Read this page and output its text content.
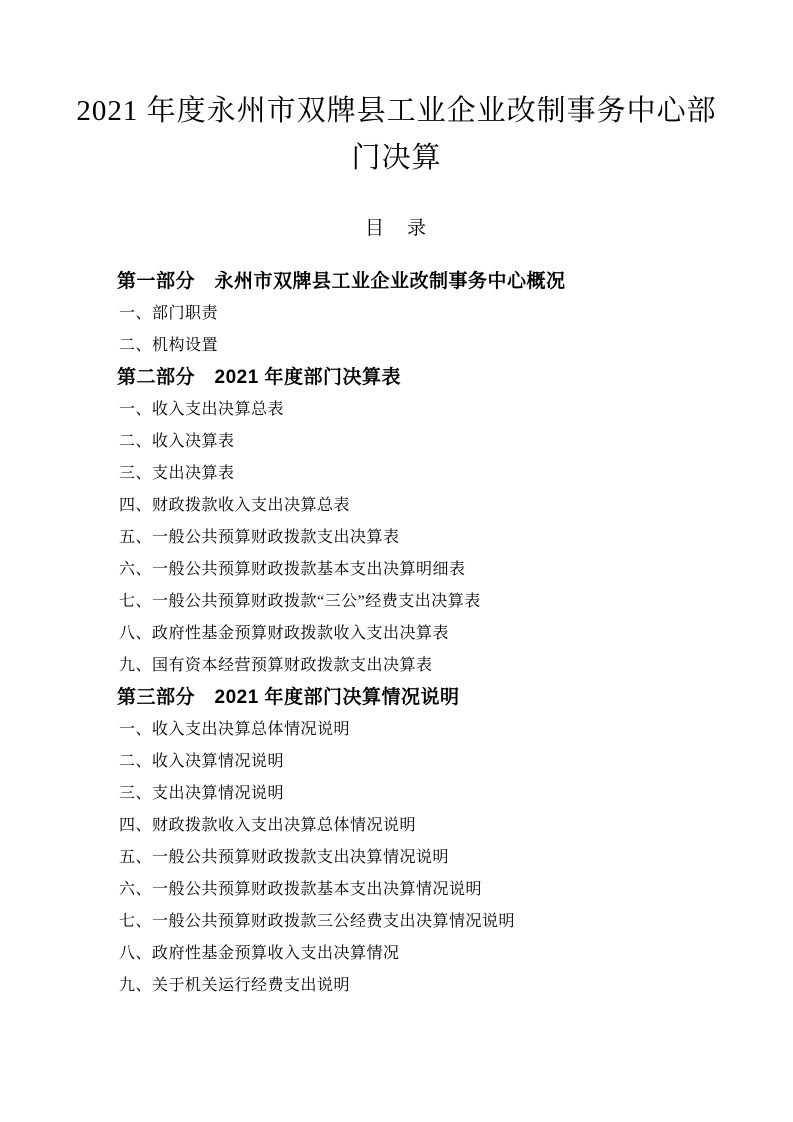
2021 年度永州市双牌县工业企业改制事务中心部
门决算
目　录
第一部分　永州市双牌县工业企业改制事务中心概况
一、部门职责
二、机构设置
第二部分　2021 年度部门决算表
一、收入支出决算总表
二、收入决算表
三、支出决算表
四、财政拨款收入支出决算总表
五、一般公共预算财政拨款支出决算表
六、一般公共预算财政拨款基本支出决算明细表
七、一般公共预算财政拨款“三公”经费支出决算表
八、政府性基金预算财政拨款收入支出决算表
九、国有资本经营预算财政拨款支出决算表
第三部分　2021 年度部门决算情况说明
一、收入支出决算总体情况说明
二、收入决算情况说明
三、支出决算情况说明
四、财政拨款收入支出决算总体情况说明
五、一般公共预算财政拨款支出决算情况说明
六、一般公共预算财政拨款基本支出决算情况说明
七、一般公共预算财政拨款三公经费支出决算情况说明
八、政府性基金预算收入支出决算情况
九、关于机关运行经费支出说明
